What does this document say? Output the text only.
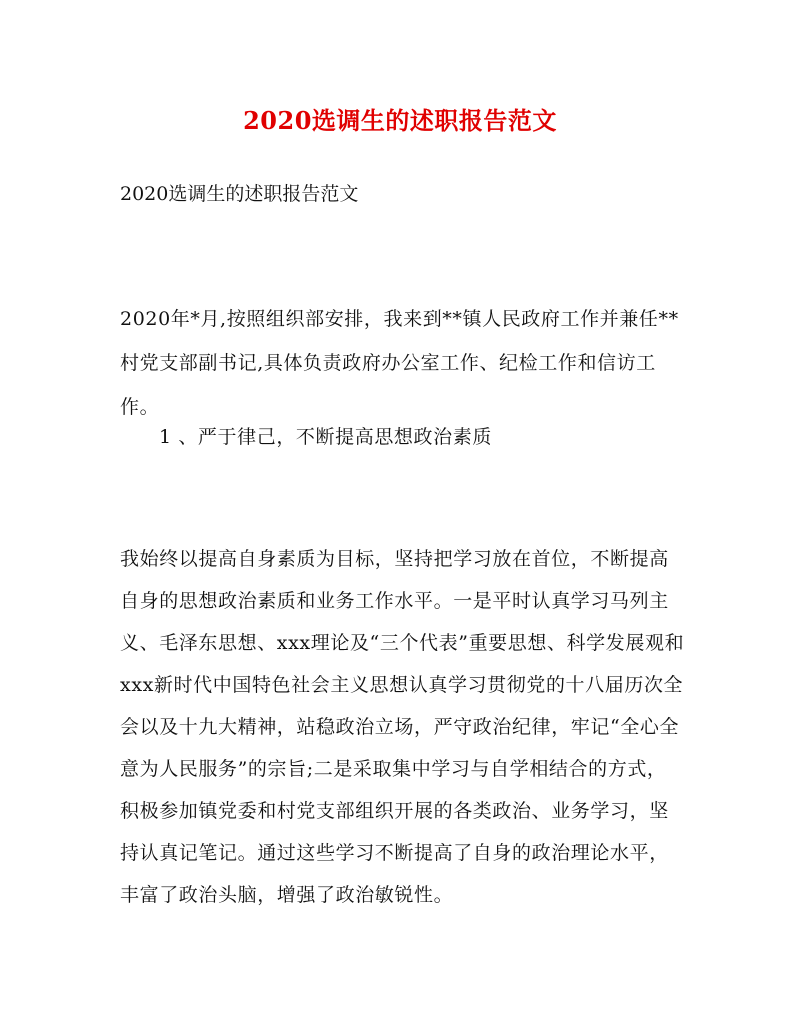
2020选调生的述职报告范文
2020选调生的述职报告范文

2020年*月,按照组织部安排，我来到**镇人民政府工作并兼任**村党支部副书记,具体负责政府办公室工作、纪检工作和信访工作。

1 、严于律己，不断提高思想政治素质

我始终以提高自身素质为目标，坚持把学习放在首位，不断提高自身的思想政治素质和业务工作水平。一是平时认真学习马列主义、毛泽东思想、xxx理论及“三个代表”重要思想、科学发展观和xxx新时代中国特色社会主义思想认真学习贯彻党的十八届历次全会以及十九大精神，站稳政治立场，严守政治纪律，牢记“全心全意为人民服务”的宗旨;二是采取集中学习与自学相结合的方式，积极参加镇党委和村党支部组织开展的各类政治、业务学习，坚持认真记笔记。通过这些学习不断提高了自身的政治理论水平，丰富了政治头脑，增强了政治敏锐性。
